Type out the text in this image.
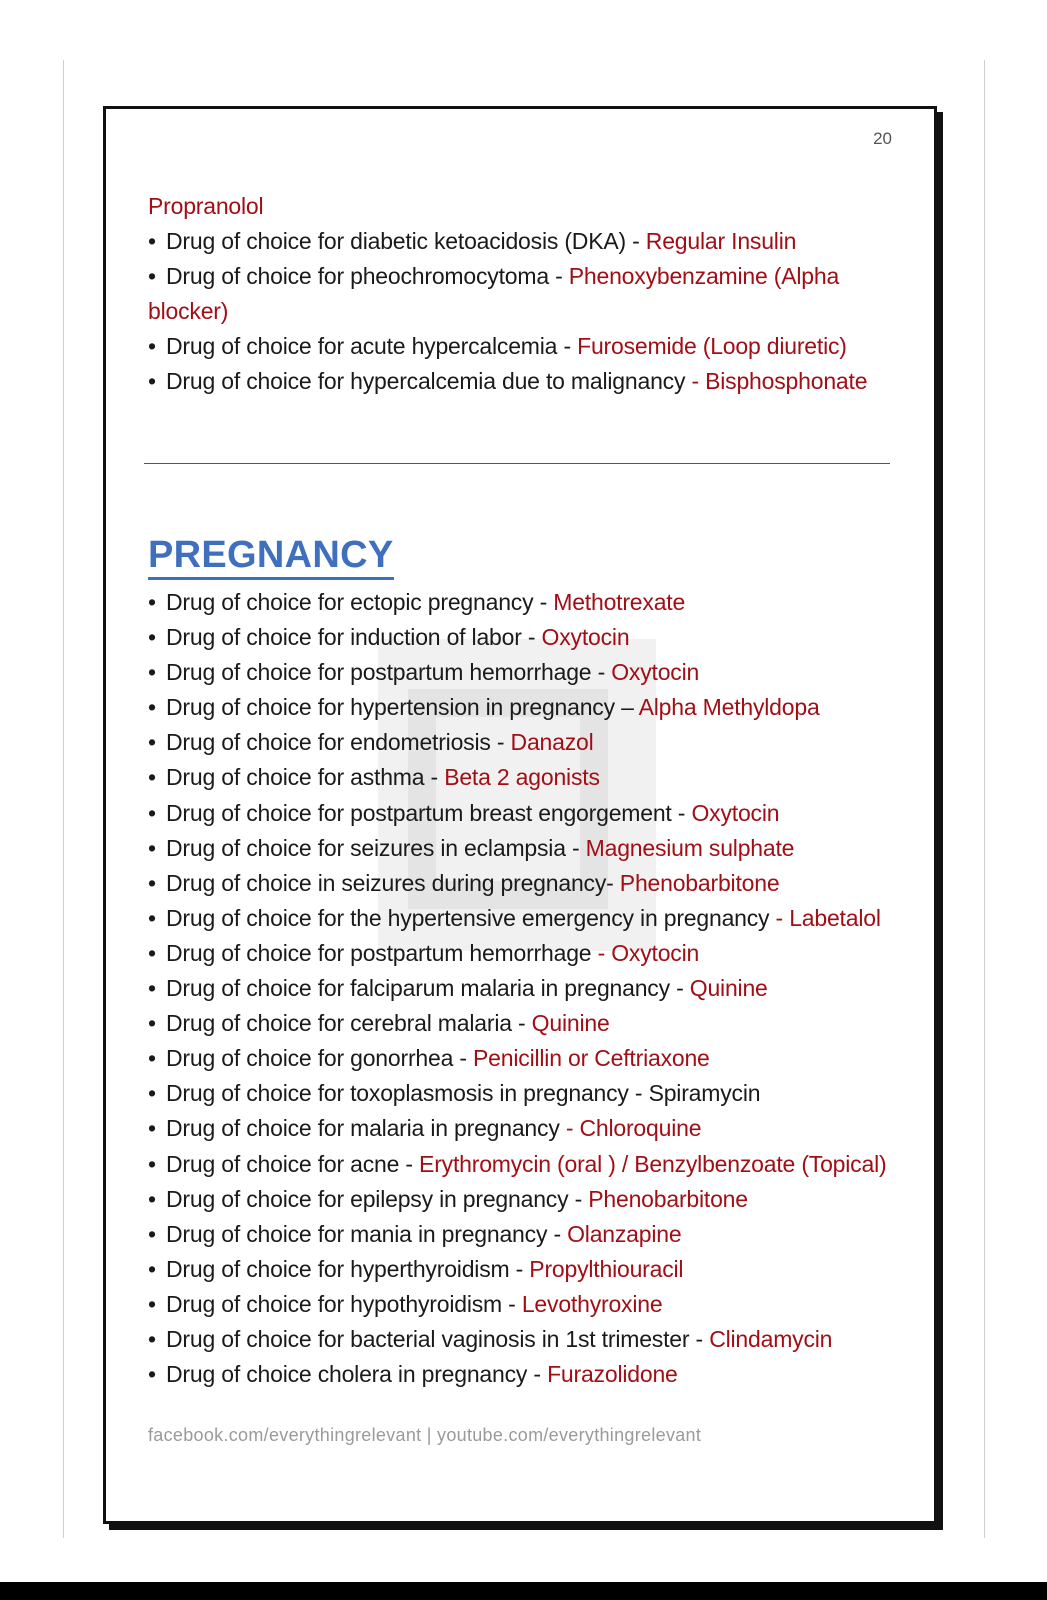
20
Propranolol
• Drug of choice for diabetic ketoacidosis (DKA) - Regular Insulin
• Drug of choice for pheochromocytoma - Phenoxybenzamine (Alpha blocker)
• Drug of choice for acute hypercalcemia - Furosemide (Loop diuretic)
• Drug of choice for hypercalcemia due to malignancy - Bisphosphonate
PREGNANCY
• Drug of choice for ectopic pregnancy - Methotrexate
• Drug of choice for induction of labor - Oxytocin
• Drug of choice for postpartum hemorrhage - Oxytocin
• Drug of choice for hypertension in pregnancy – Alpha Methyldopa
• Drug of choice for endometriosis - Danazol
• Drug of choice for asthma - Beta 2 agonists
• Drug of choice for postpartum breast engorgement - Oxytocin
• Drug of choice for seizures in eclampsia - Magnesium sulphate
• Drug of choice in seizures during pregnancy- Phenobarbitone
• Drug of choice for the hypertensive emergency in pregnancy - Labetalol
• Drug of choice for postpartum hemorrhage - Oxytocin
• Drug of choice for falciparum malaria in pregnancy - Quinine
• Drug of choice for cerebral malaria - Quinine
• Drug of choice for gonorrhea - Penicillin or Ceftriaxone
• Drug of choice for toxoplasmosis in pregnancy - Spiramycin
• Drug of choice for malaria in pregnancy - Chloroquine
• Drug of choice for acne - Erythromycin (oral ) / Benzylbenzoate (Topical)
• Drug of choice for epilepsy in pregnancy - Phenobarbitone
• Drug of choice for mania in pregnancy - Olanzapine
• Drug of choice for hyperthyroidism - Propylthiouracil
• Drug of choice for hypothyroidism - Levothyroxine
• Drug of choice for bacterial vaginosis in 1st trimester - Clindamycin
• Drug of choice cholera in pregnancy - Furazolidone
facebook.com/everythingrelevant | youtube.com/everythingrelevant
